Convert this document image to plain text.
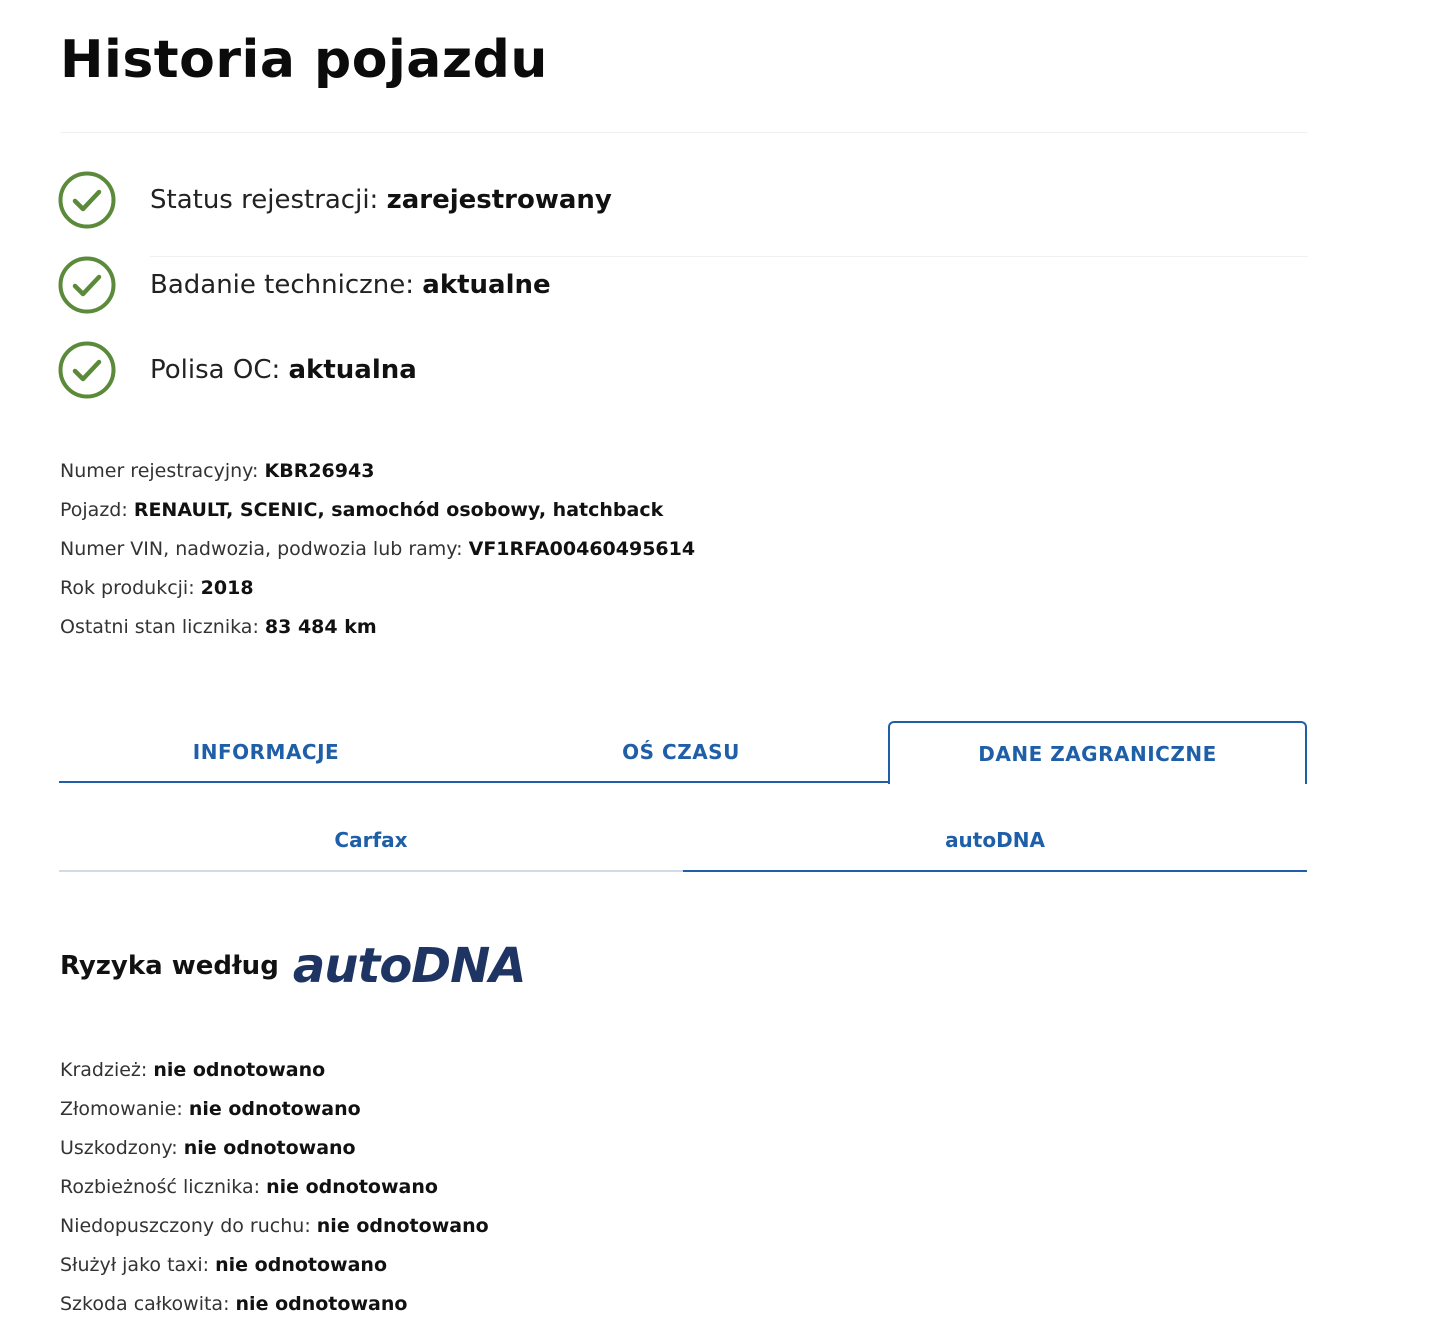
Historia pojazdu
Status rejestracji: zarejestrowany
Badanie techniczne: aktualne
Polisa OC: aktualna
Numer rejestracyjny: KBR26943
Pojazd: RENAULT, SCENIC, samochód osobowy, hatchback
Numer VIN, nadwozia, podwozia lub ramy: VF1RFA00460495614
Rok produkcji: 2018
Ostatni stan licznika: 83 484 km
INFORMACJE	OŚ CZASU	DANE ZAGRANICZNE
Carfax	autoDNA
Ryzyka według autoDNA
Kradzież: nie odnotowano
Złomowanie: nie odnotowano
Uszkodzony: nie odnotowano
Rozbieżność licznika: nie odnotowano
Niedopuszczony do ruchu: nie odnotowano
Służył jako taxi: nie odnotowano
Szkoda całkowita: nie odnotowano
